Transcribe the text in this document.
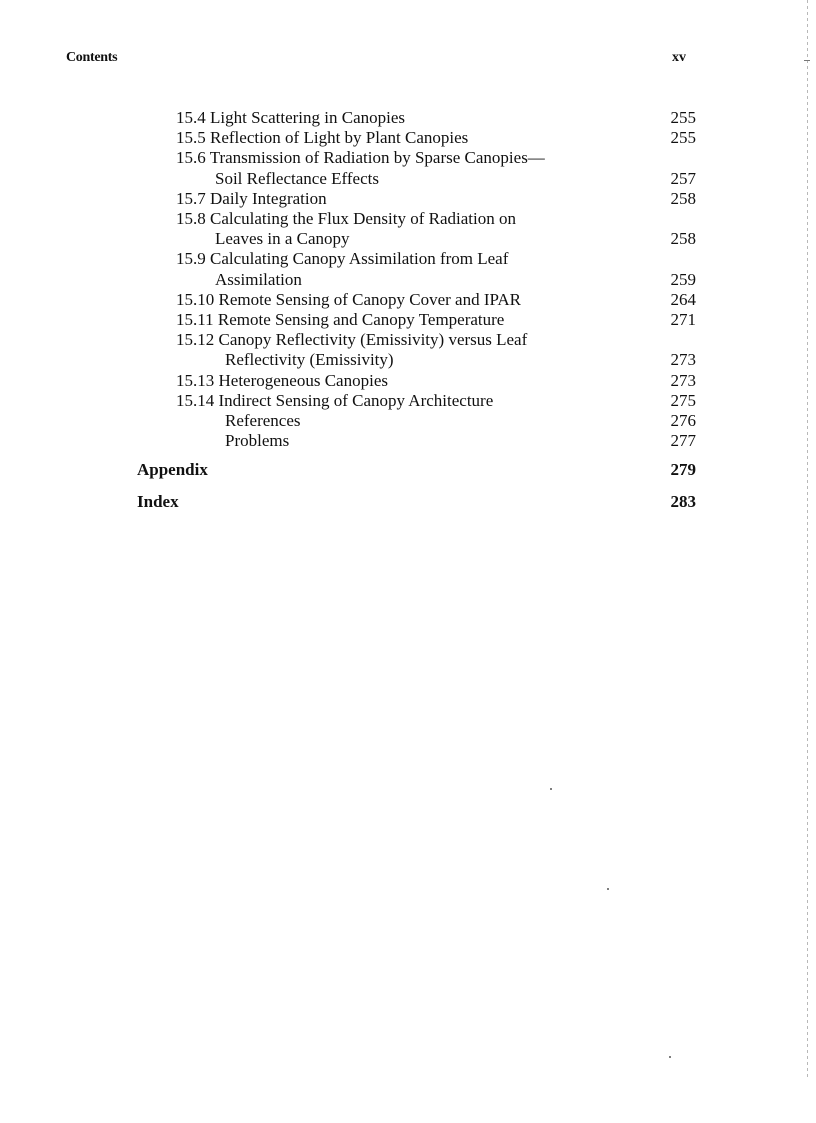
Contents	xv
15.4 Light Scattering in Canopies	255
15.5 Reflection of Light by Plant Canopies	255
15.6 Transmission of Radiation by Sparse Canopies—
Soil Reflectance Effects	257
15.7 Daily Integration	258
15.8 Calculating the Flux Density of Radiation on
Leaves in a Canopy	258
15.9 Calculating Canopy Assimilation from Leaf
Assimilation	259
15.10 Remote Sensing of Canopy Cover and IPAR	264
15.11 Remote Sensing and Canopy Temperature	271
15.12 Canopy Reflectivity (Emissivity) versus Leaf
Reflectivity (Emissivity)	273
15.13 Heterogeneous Canopies	273
15.14 Indirect Sensing of Canopy Architecture	275
References	276
Problems	277
Appendix	279
Index	283
